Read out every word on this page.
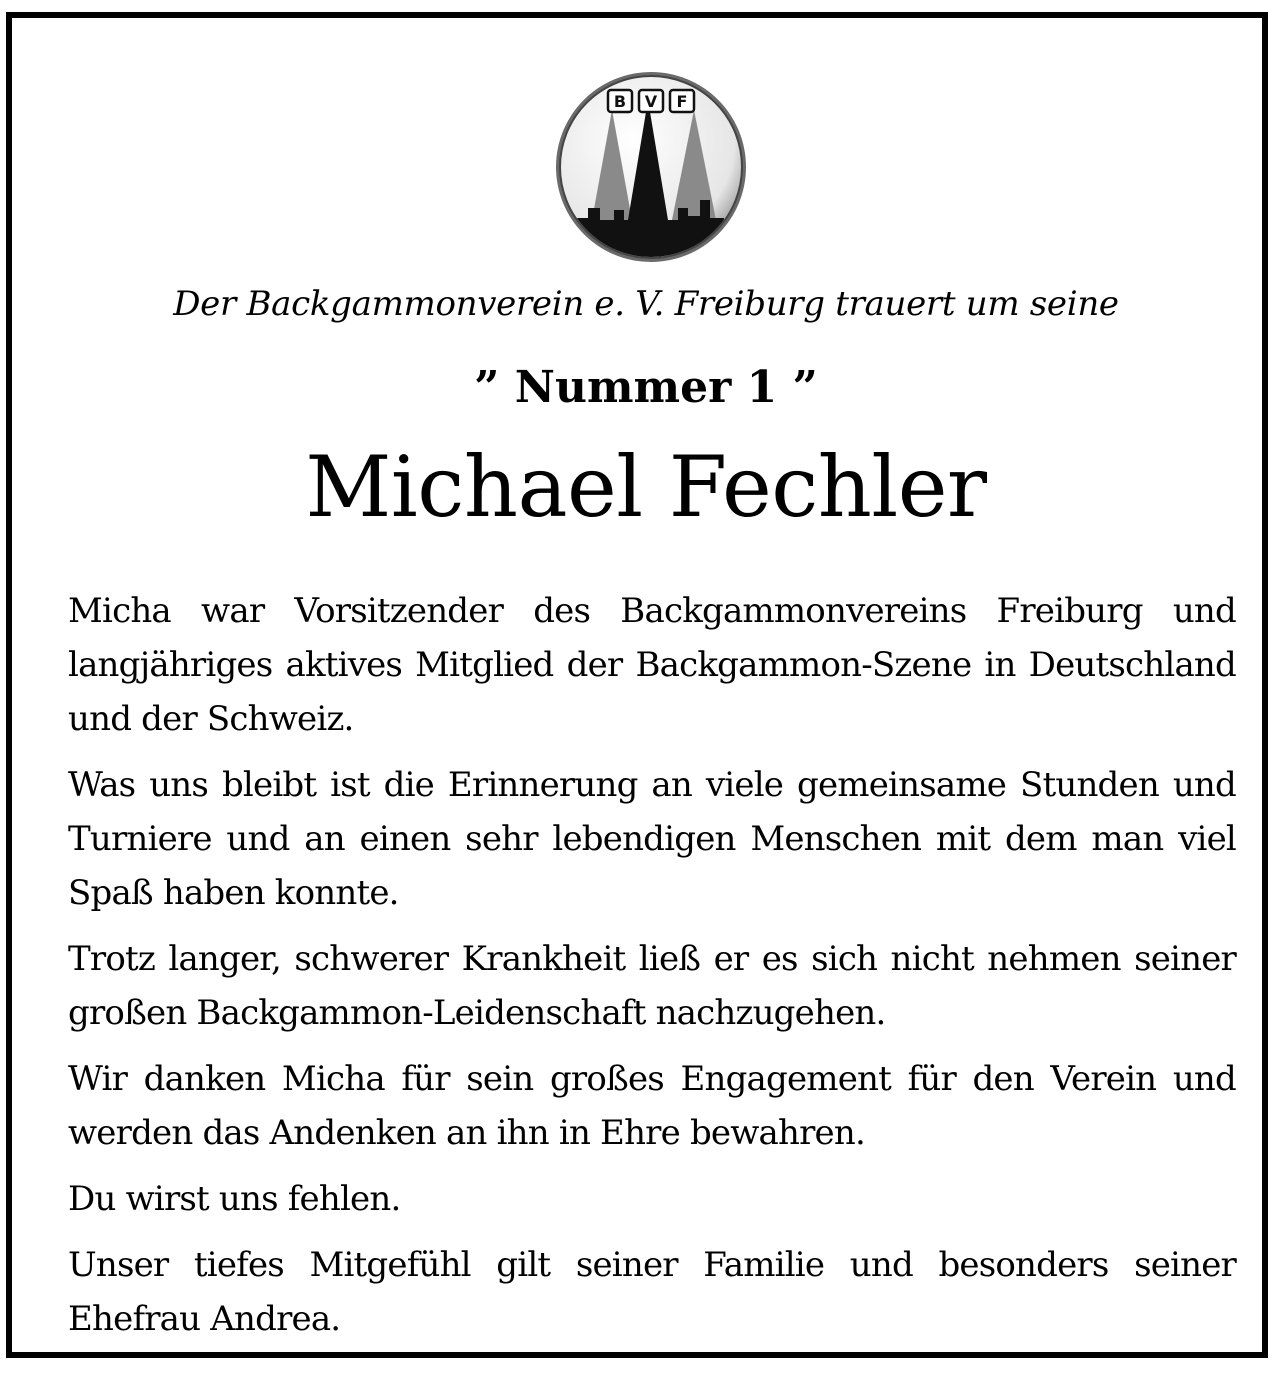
B V F
Der Backgammonverein e. V. Freiburg trauert um seine
” Nummer 1 ”
Michael Fechler

Micha war Vorsitzender des Backgammonvereins Freiburg und langjähriges aktives Mitglied der Backgammon-Szene in Deutschland und der Schweiz.

Was uns bleibt ist die Erinnerung an viele gemeinsame Stunden und Turniere und an einen sehr lebendigen Menschen mit dem man viel Spaß haben konnte.

Trotz langer, schwerer Krankheit ließ er es sich nicht nehmen seiner großen Backgammon-Leidenschaft nachzugehen.

Wir danken Micha für sein großes Engagement für den Verein und werden das Andenken an ihn in Ehre bewahren.

Du wirst uns fehlen.

Unser tiefes Mitgefühl gilt seiner Familie und besonders seiner Ehefrau Andrea.
